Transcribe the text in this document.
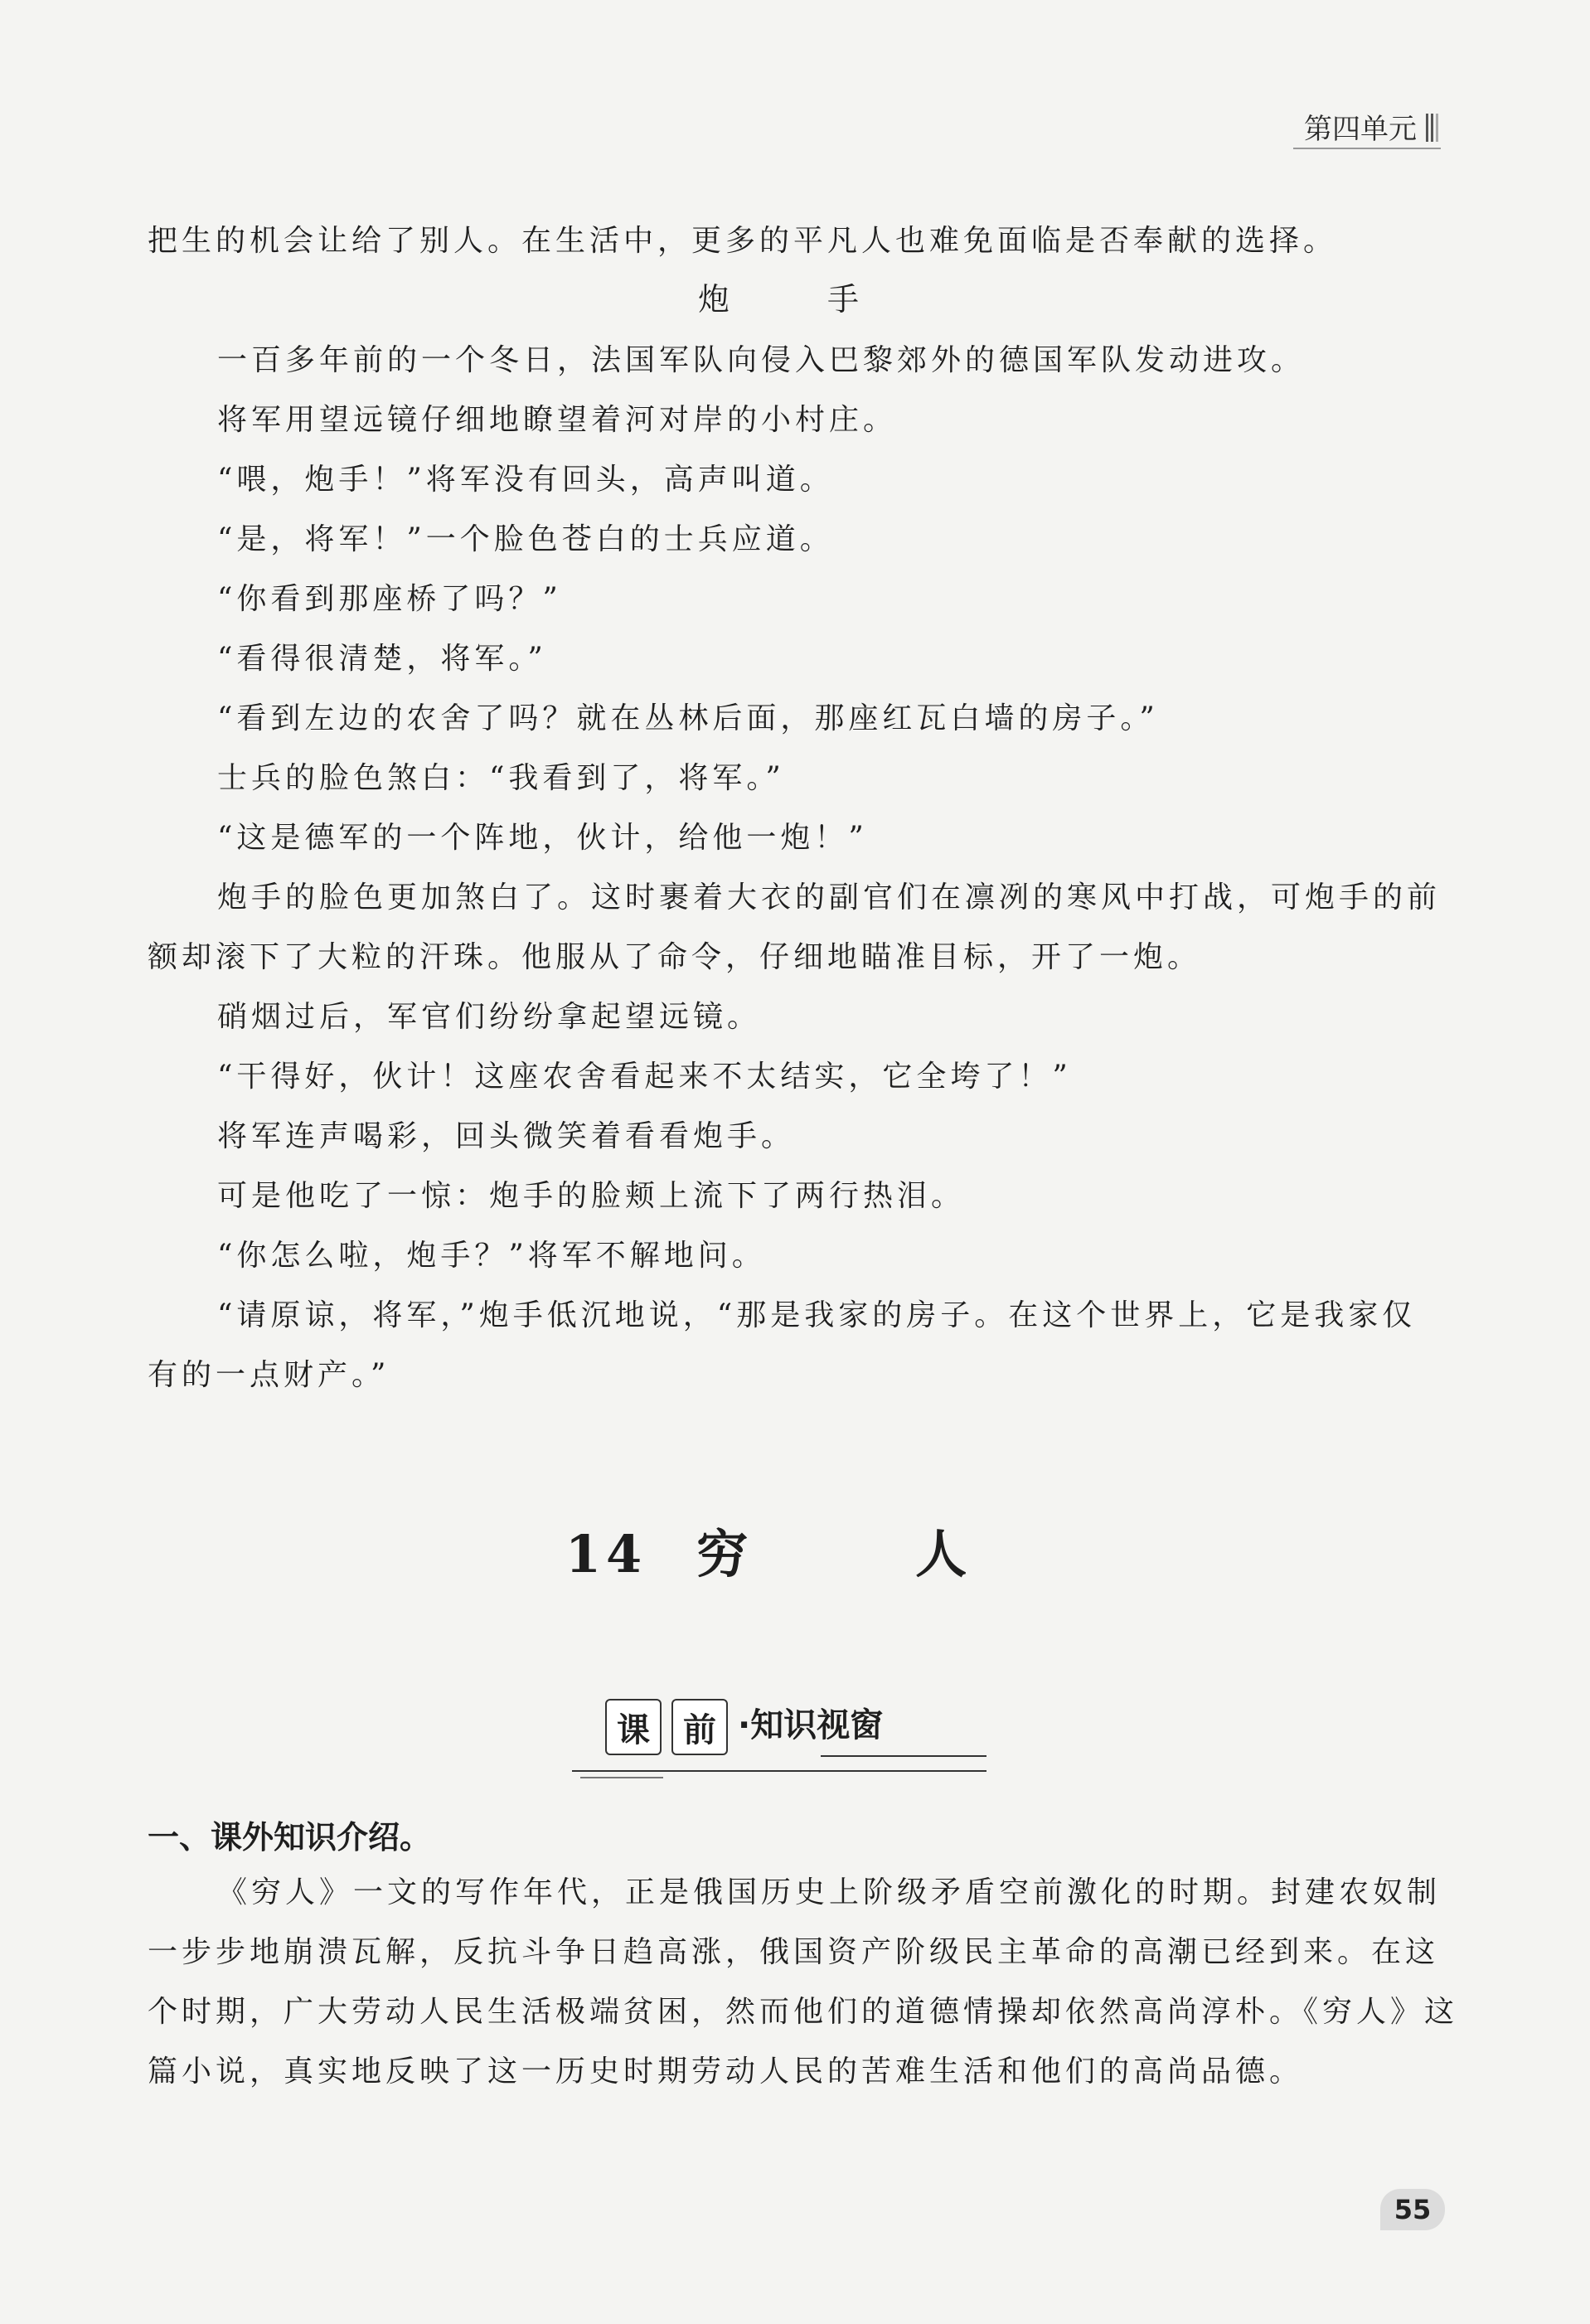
第四单元
把生的机会让给了别人。在生活中，更多的平凡人也难免面临是否奉献的选择。
炮　手
一百多年前的一个冬日，法国军队向侵入巴黎郊外的德国军队发动进攻。
将军用望远镜仔细地瞭望着河对岸的小村庄。
“喂，炮手！”将军没有回头，高声叫道。
“是，将军！”一个脸色苍白的士兵应道。
“你看到那座桥了吗？”
“看得很清楚，将军。”
“看到左边的农舍了吗？就在丛林后面，那座红瓦白墙的房子。”
士兵的脸色煞白：“我看到了，将军。”
“这是德军的一个阵地，伙计，给他一炮！”
炮手的脸色更加煞白了。这时裹着大衣的副官们在凛冽的寒风中打战，可炮手的前
额却滚下了大粒的汗珠。他服从了命令，仔细地瞄准目标，开了一炮。
硝烟过后，军官们纷纷拿起望远镜。
“干得好，伙计！这座农舍看起来不太结实，它全垮了！”
将军连声喝彩，回头微笑着看看炮手。
可是他吃了一惊：炮手的脸颊上流下了两行热泪。
“你怎么啦，炮手？”将军不解地问。
“请原谅，将军，”炮手低沉地说，“那是我家的房子。在这个世界上，它是我家仅
有的一点财产。”
14 穷　人
课	前 ·知识视窗
一、课外知识介绍。
《穷人》一文的写作年代，正是俄国历史上阶级矛盾空前激化的时期。封建农奴制
一步步地崩溃瓦解，反抗斗争日趋高涨，俄国资产阶级民主革命的高潮已经到来。在这
个时期，广大劳动人民生活极端贫困，然而他们的道德情操却依然高尚淳朴。《穷人》这
篇小说，真实地反映了这一历史时期劳动人民的苦难生活和他们的高尚品德。
55
